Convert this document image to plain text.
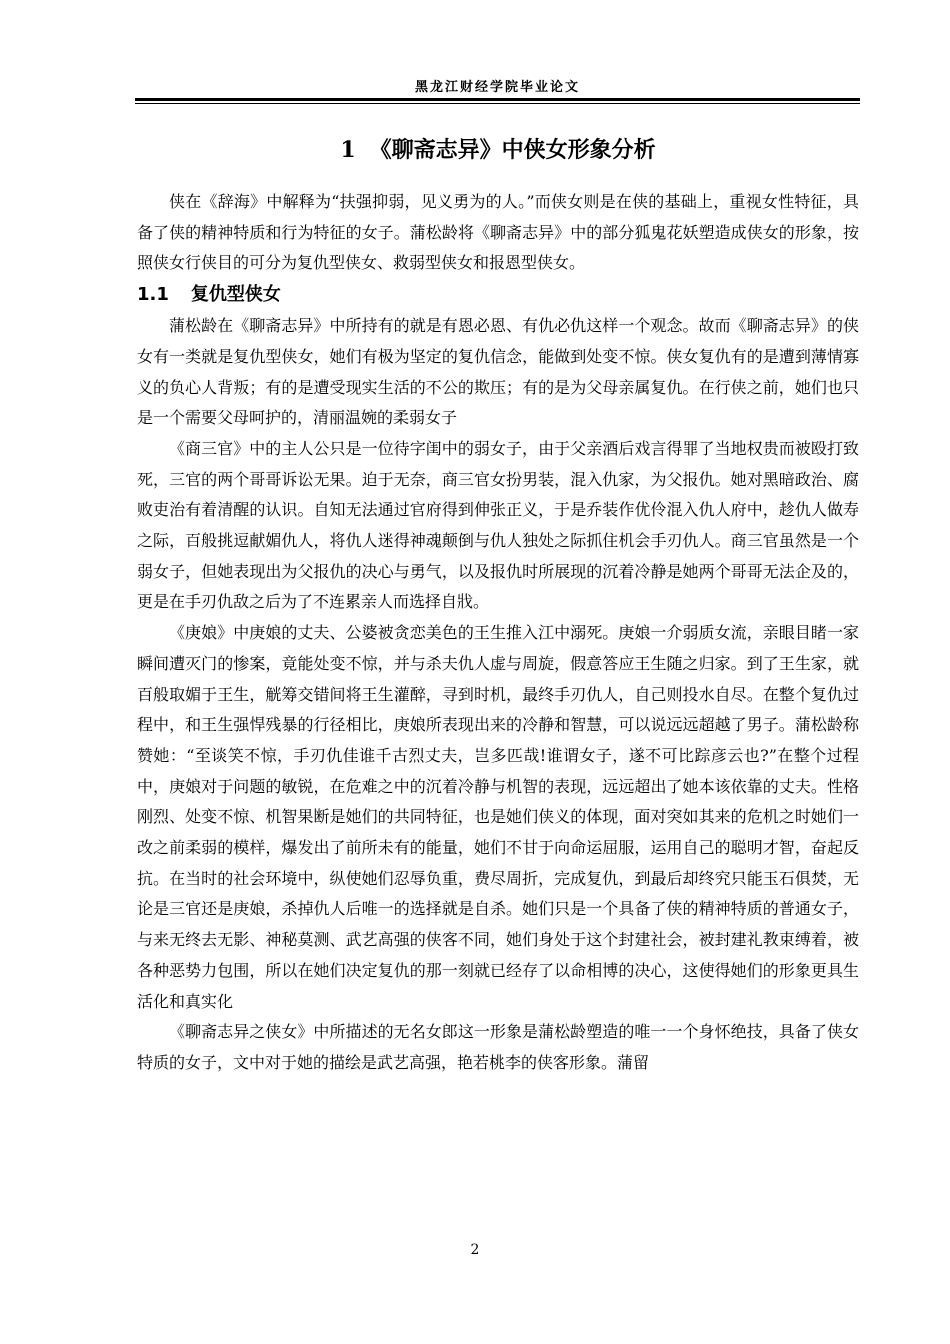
黑龙江财经学院毕业论文
1 《聊斋志异》中侠女形象分析

侠在《辞海》中解释为“扶强抑弱，见义勇为的人。”而侠女则是在侠的基础上，重视女性特征，具备了侠的精神特质和行为特征的女子。蒲松龄将《聊斋志异》中的部分狐鬼花妖塑造成侠女的形象，按照侠女行侠目的可分为复仇型侠女、救弱型侠女和报恩型侠女。

1.1 复仇型侠女

蒲松龄在《聊斋志异》中所持有的就是有恩必恩、有仇必仇这样一个观念。故而《聊斋志异》的侠女有一类就是复仇型侠女，她们有极为坚定的复仇信念，能做到处变不惊。侠女复仇有的是遭到薄情寡义的负心人背叛；有的是遭受现实生活的不公的欺压；有的是为父母亲属复仇。在行侠之前，她们也只是一个需要父母呵护的，清丽温婉的柔弱女子

《商三官》中的主人公只是一位待字闺中的弱女子，由于父亲酒后戏言得罪了当地权贵而被殴打致死，三官的两个哥哥诉讼无果。迫于无奈，商三官女扮男装，混入仇家，为父报仇。她对黑暗政治、腐败吏治有着清醒的认识。自知无法通过官府得到伸张正义，于是乔装作优伶混入仇人府中，趁仇人做寿之际，百般挑逗献媚仇人，将仇人迷得神魂颠倒与仇人独处之际抓住机会手刃仇人。商三官虽然是一个弱女子，但她表现出为父报仇的决心与勇气，以及报仇时所展现的沉着冷静是她两个哥哥无法企及的，更是在手刃仇敌之后为了不连累亲人而选择自戕。

《庚娘》中庚娘的丈夫、公婆被贪恋美色的王生推入江中溺死。庚娘一介弱质女流，亲眼目睹一家瞬间遭灭门的惨案，竟能处变不惊，并与杀夫仇人虚与周旋，假意答应王生随之归家。到了王生家，就百般取媚于王生，觥筹交错间将王生灌醉，寻到时机，最终手刃仇人，自己则投水自尽。在整个复仇过程中，和王生强悍残暴的行径相比，庚娘所表现出来的冷静和智慧，可以说远远超越了男子。蒲松龄称赞她：“至谈笑不惊，手刃仇佳谁千古烈丈夫，岂多匹哉!谁谓女子，遂不可比踪彦云也?”在整个过程中，庚娘对于问题的敏锐，在危难之中的沉着冷静与机智的表现，远远超出了她本该依靠的丈夫。性格刚烈、处变不惊、机智果断是她们的共同特征，也是她们侠义的体现，面对突如其来的危机之时她们一改之前柔弱的模样，爆发出了前所未有的能量，她们不甘于向命运屈服，运用自己的聪明才智，奋起反抗。在当时的社会环境中，纵使她们忍辱负重，费尽周折，完成复仇，到最后却终究只能玉石俱焚，无论是三官还是庚娘，杀掉仇人后唯一的选择就是自杀。她们只是一个具备了侠的精神特质的普通女子，与来无终去无影、神秘莫测、武艺高强的侠客不同，她们身处于这个封建社会，被封建礼教束缚着，被各种恶势力包围，所以在她们决定复仇的那一刻就已经存了以命相博的决心，这使得她们的形象更具生活化和真实化

《聊斋志异之侠女》中所描述的无名女郎这一形象是蒲松龄塑造的唯一一个身怀绝技，具备了侠女特质的女子，文中对于她的描绘是武艺高强，艳若桃李的侠客形象。蒲留

2
